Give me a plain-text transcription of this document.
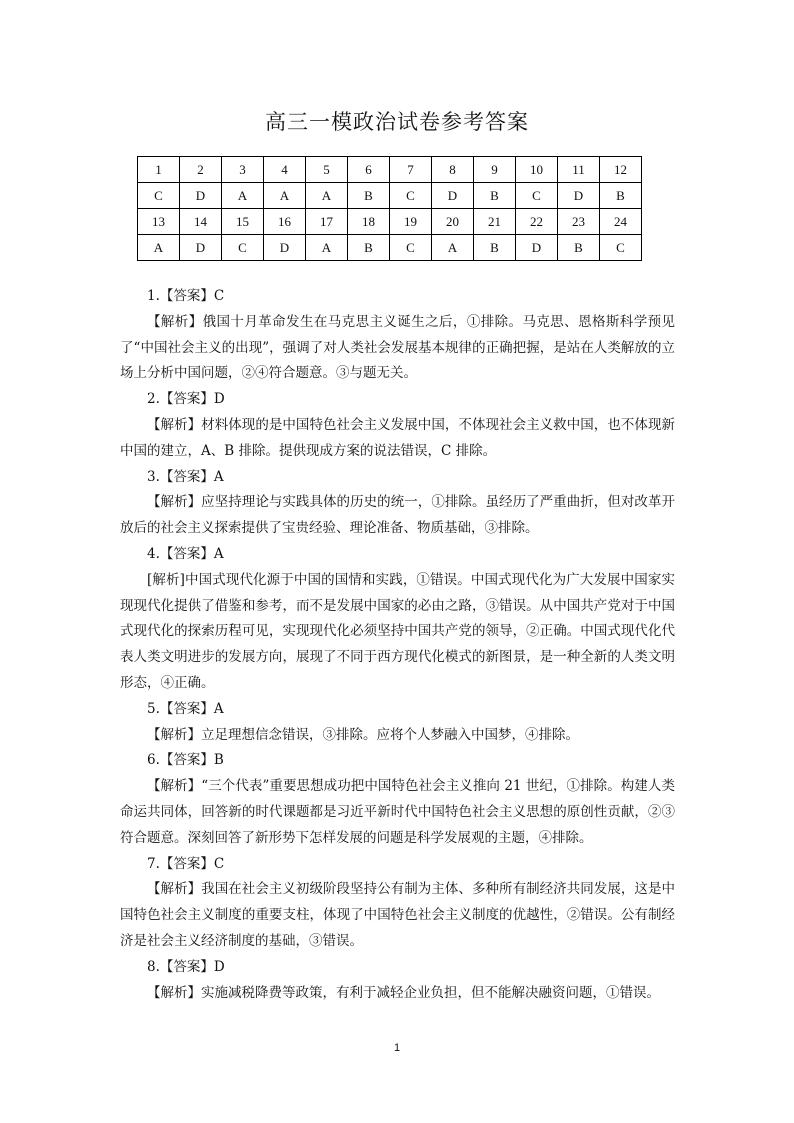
高三一模政治试卷参考答案
1	2	3	4	5	6	7	8	9	10	11	12
C	D	A	A	A	B	C	D	B	C	D	B
13	14	15	16	17	18	19	20	21	22	23	24
A	D	C	D	A	B	C	A	B	D	B	C

1.【答案】C

【解析】俄国十月革命发生在马克思主义诞生之后，①排除。马克思、恩格斯科学预见了“中国社会主义的出现”，强调了对人类社会发展基本规律的正确把握，是站在人类解放的立场上分析中国问题，②④符合题意。③与题无关。

2.【答案】D

【解析】材料体现的是中国特色社会主义发展中国，不体现社会主义救中国，也不体现新中国的建立，A、B 排除。提供现成方案的说法错误，C 排除。

3.【答案】A

【解析】应坚持理论与实践具体的历史的统一，①排除。虽经历了严重曲折，但对改革开放后的社会主义探索提供了宝贵经验、理论准备、物质基础，③排除。

4.【答案】A

[解析]中国式现代化源于中国的国情和实践，①错误。中国式现代化为广大发展中国家实现现代化提供了借鉴和参考，而不是发展中国家的必由之路，③错误。从中国共产党对于中国式现代化的探索历程可见，实现现代化必须坚持中国共产党的领导，②正确。中国式现代化代表人类文明进步的发展方向，展现了不同于西方现代化模式的新图景，是一种全新的人类文明形态，④正确。

5.【答案】A

【解析】立足理想信念错误，③排除。应将个人梦融入中国梦，④排除。

6.【答案】B

【解析】“三个代表”重要思想成功把中国特色社会主义推向 21 世纪，①排除。构建人类命运共同体，回答新的时代课题都是习近平新时代中国特色社会主义思想的原创性贡献，②③符合题意。深刻回答了新形势下怎样发展的问题是科学发展观的主题，④排除。

7.【答案】C

【解析】我国在社会主义初级阶段坚持公有制为主体、多种所有制经济共同发展，这是中国特色社会主义制度的重要支柱，体现了中国特色社会主义制度的优越性，②错误。公有制经济是社会主义经济制度的基础，③错误。

8.【答案】D

【解析】实施减税降费等政策，有利于减轻企业负担，但不能解决融资问题，①错误。

1
